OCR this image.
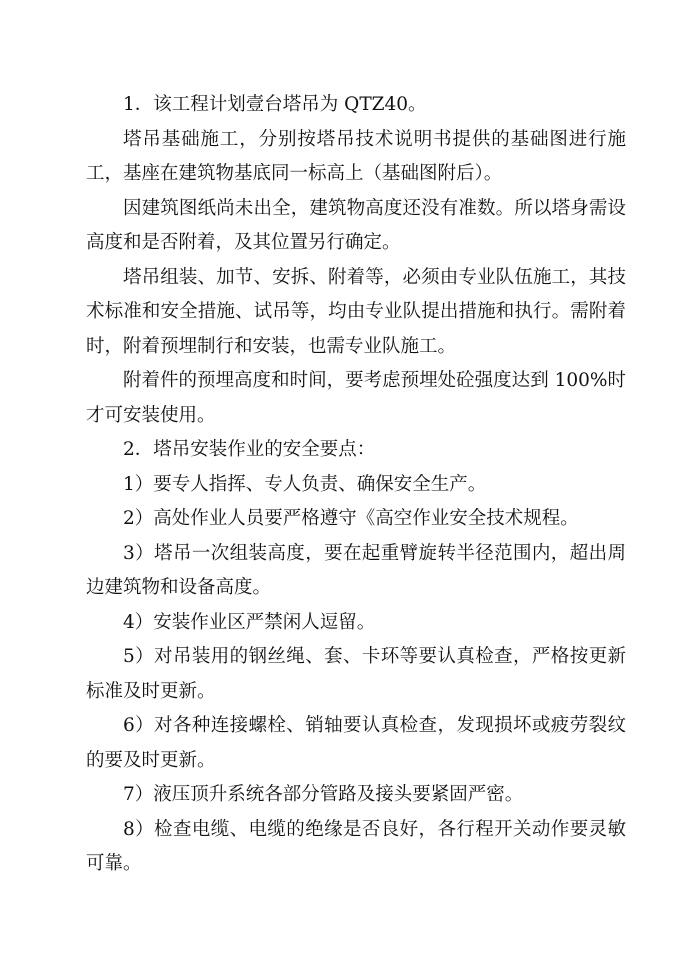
1．该工程计划壹台塔吊为 QTZ40。

塔吊基础施工，分别按塔吊技术说明书提供的基础图进行施工，基座在建筑物基底同一标高上（基础图附后）。

因建筑图纸尚未出全，建筑物高度还没有准数。所以塔身需设高度和是否附着，及其位置另行确定。

塔吊组装、加节、安拆、附着等，必须由专业队伍施工，其技术标准和安全措施、试吊等，均由专业队提出措施和执行。需附着时，附着预埋制行和安装，也需专业队施工。

附着件的预埋高度和时间，要考虑预埋处砼强度达到 100%时才可安装使用。

2．塔吊安装作业的安全要点：

1）要专人指挥、专人负责、确保安全生产。

2）高处作业人员要严格遵守《高空作业安全技术规程。

3）塔吊一次组装高度，要在起重臂旋转半径范围内，超出周边建筑物和设备高度。

4）安装作业区严禁闲人逗留。

5）对吊装用的钢丝绳、套、卡环等要认真检查，严格按更新标准及时更新。

6）对各种连接螺栓、销轴要认真检查，发现损坏或疲劳裂纹的要及时更新。

7）液压顶升系统各部分管路及接头要紧固严密。

8）检查电缆、电缆的绝缘是否良好，各行程开关动作要灵敏可靠。
